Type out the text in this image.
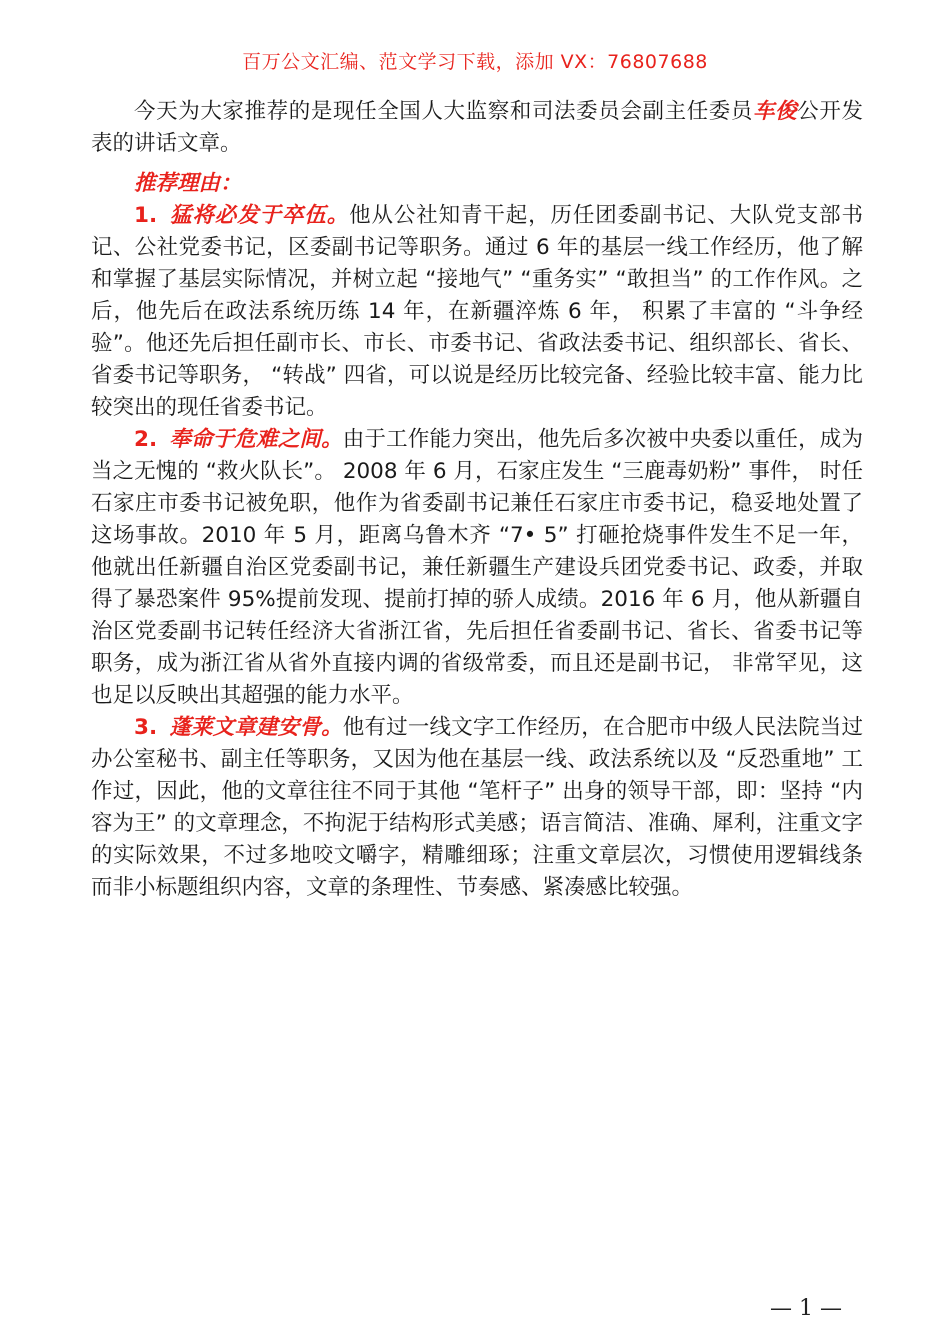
百万公文汇编、范文学习下载，添加 VX：76807688

今天为大家推荐的是现任全国人大监察和司法委员会副主任委员车俊公开发表的讲话文章。

推荐理由：

1. 猛将必发于卒伍。他从公社知青干起，历任团委副书记、大队党支部书记、公社党委书记，区委副书记等职务。通过 6 年的基层一线工作经历，他了解和掌握了基层实际情况，并树立起 “接地气” “重务实” “敢担当” 的工作作风。之后，他先后在政法系统历练 14 年，在新疆淬炼 6 年， 积累了丰富的 “斗争经验”。他还先后担任副市长、市长、市委书记、省政法委书记、组织部长、省长、省委书记等职务， “转战” 四省，可以说是经历比较完备、经验比较丰富、能力比较突出的现任省委书记。

2. 奉命于危难之间。由于工作能力突出，他先后多次被中央委以重任，成为当之无愧的 “救火队长”。 2008 年 6 月，石家庄发生 “三鹿毒奶粉” 事件， 时任石家庄市委书记被免职，他作为省委副书记兼任石家庄市委书记，稳妥地处置了这场事故。2010 年 5 月，距离乌鲁木齐 “7• 5” 打砸抢烧事件发生不足一年，他就出任新疆自治区党委副书记，兼任新疆生产建设兵团党委书记、政委，并取得了暴恐案件 95%提前发现、提前打掉的骄人成绩。2016 年 6 月，他从新疆自治区党委副书记转任经济大省浙江省，先后担任省委副书记、省长、省委书记等职务，成为浙江省从省外直接内调的省级常委，而且还是副书记， 非常罕见，这也足以反映出其超强的能力水平。

3. 蓬莱文章建安骨。他有过一线文字工作经历，在合肥市中级人民法院当过办公室秘书、副主任等职务，又因为他在基层一线、政法系统以及 “反恐重地” 工作过，因此，他的文章往往不同于其他 “笔杆子” 出身的领导干部，即：坚持 “内容为王” 的文章理念，不拘泥于结构形式美感；语言简洁、准确、犀利，注重文字的实际效果，不过多地咬文嚼字，精雕细琢；注重文章层次，习惯使用逻辑线条而非小标题组织内容，文章的条理性、节奏感、紧凑感比较强。

— 1 —
